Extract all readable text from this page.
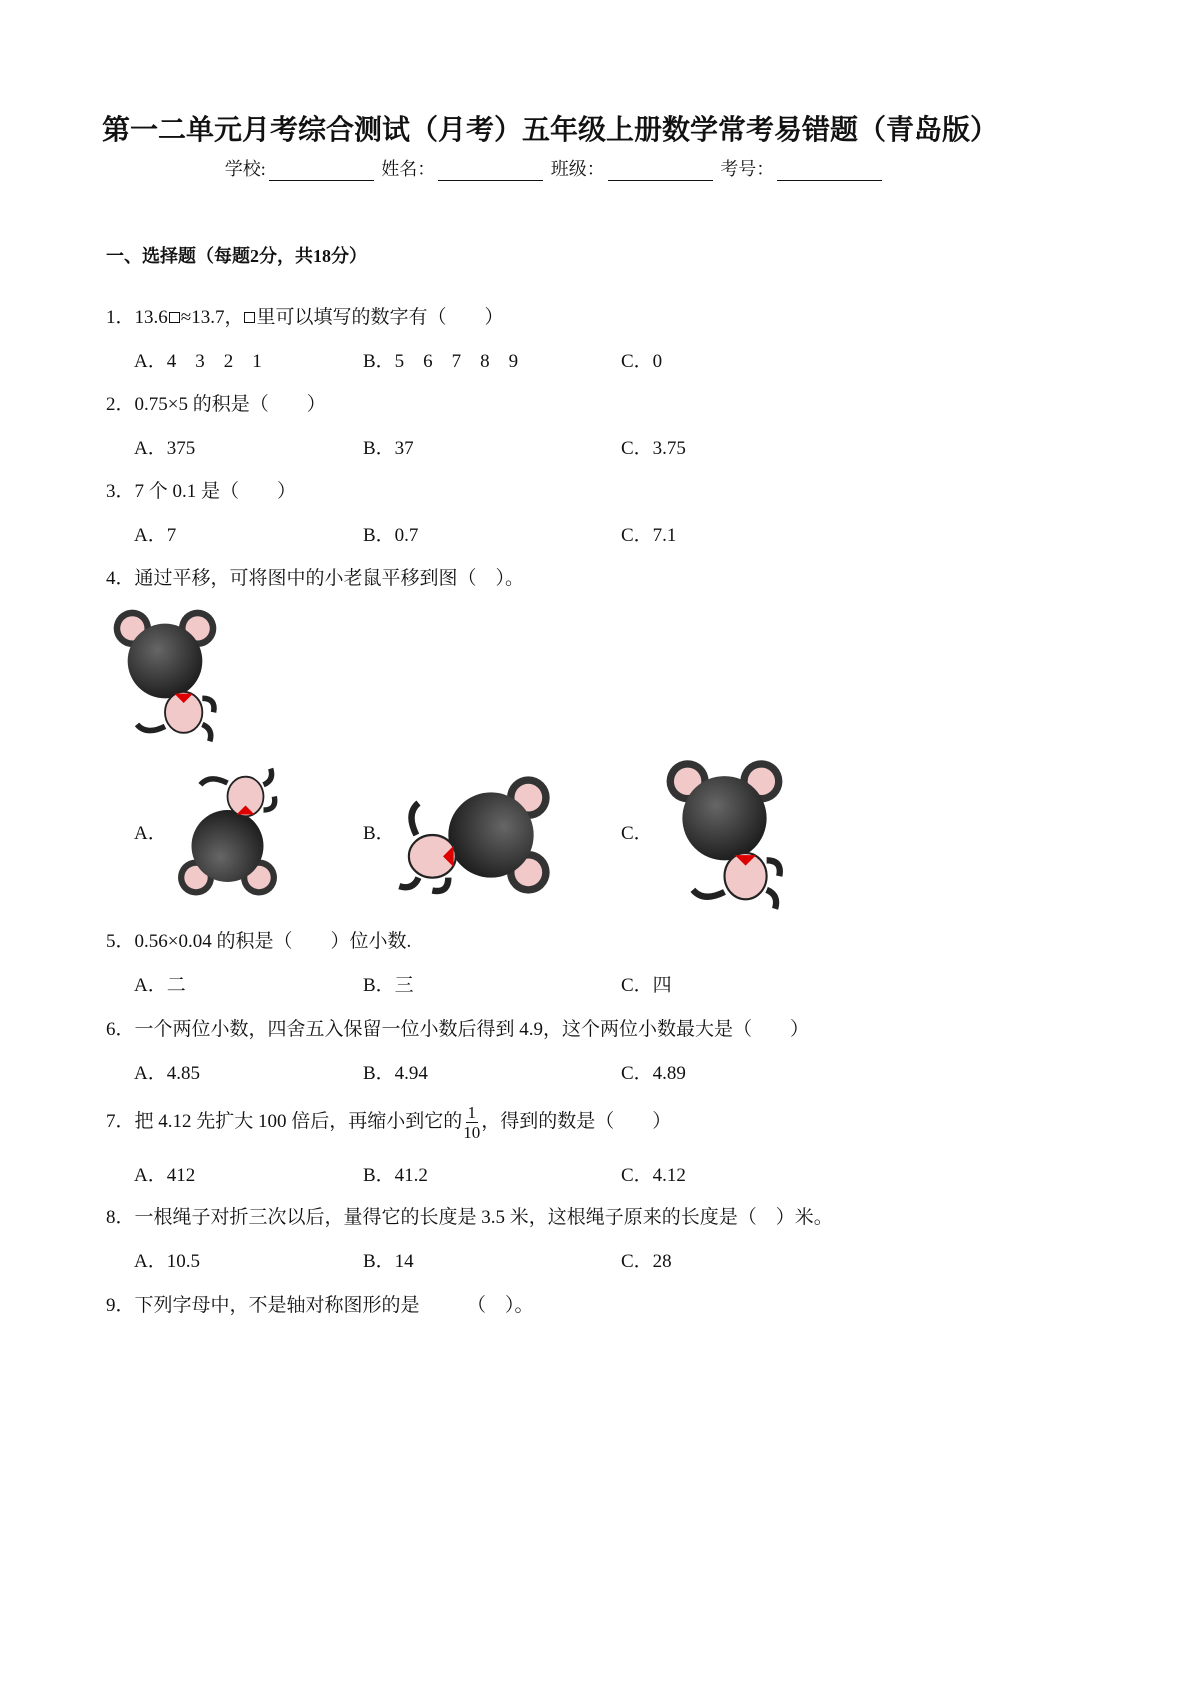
第一二单元月考综合测试（月考）五年级上册数学常考易错题（青岛版）
学校:	姓名：	班级：	考号：
一、选择题（每题2分，共18分）
1．13.6 ≈13.7， 里可以填写的数字有（　　）
A．4　3　2　1	B．5　6　7　8　9	C．0
2．0.75×5 的积是（　　）
A．375	B．37	C．3.75
3．7 个 0.1 是（　　）
A．7	B．0.7	C．7.1
4．通过平移，可将图中的小老鼠平移到图（　）。
A．	B．	C．
5．0.56×0.04 的积是（　　）位小数.
A．二	B．三	C．四
6．一个两位小数，四舍五入保留一位小数后得到 4.9，这个两位小数最大是（　　）
A．4.85	B．4.94	C．4.89
7．把 4.12 先扩大 100 倍后，再缩小到它的 $\frac{1}{10}$ ，得到的数是（　　）
A．412	B．41.2	C．4.12
8．一根绳子对折三次以后，量得它的长度是 3.5 米，这根绳子原来的长度是（　）米。
A．10.5	B．14	C．28
9．下列字母中，不是轴对称图形的是　　　（　）。
